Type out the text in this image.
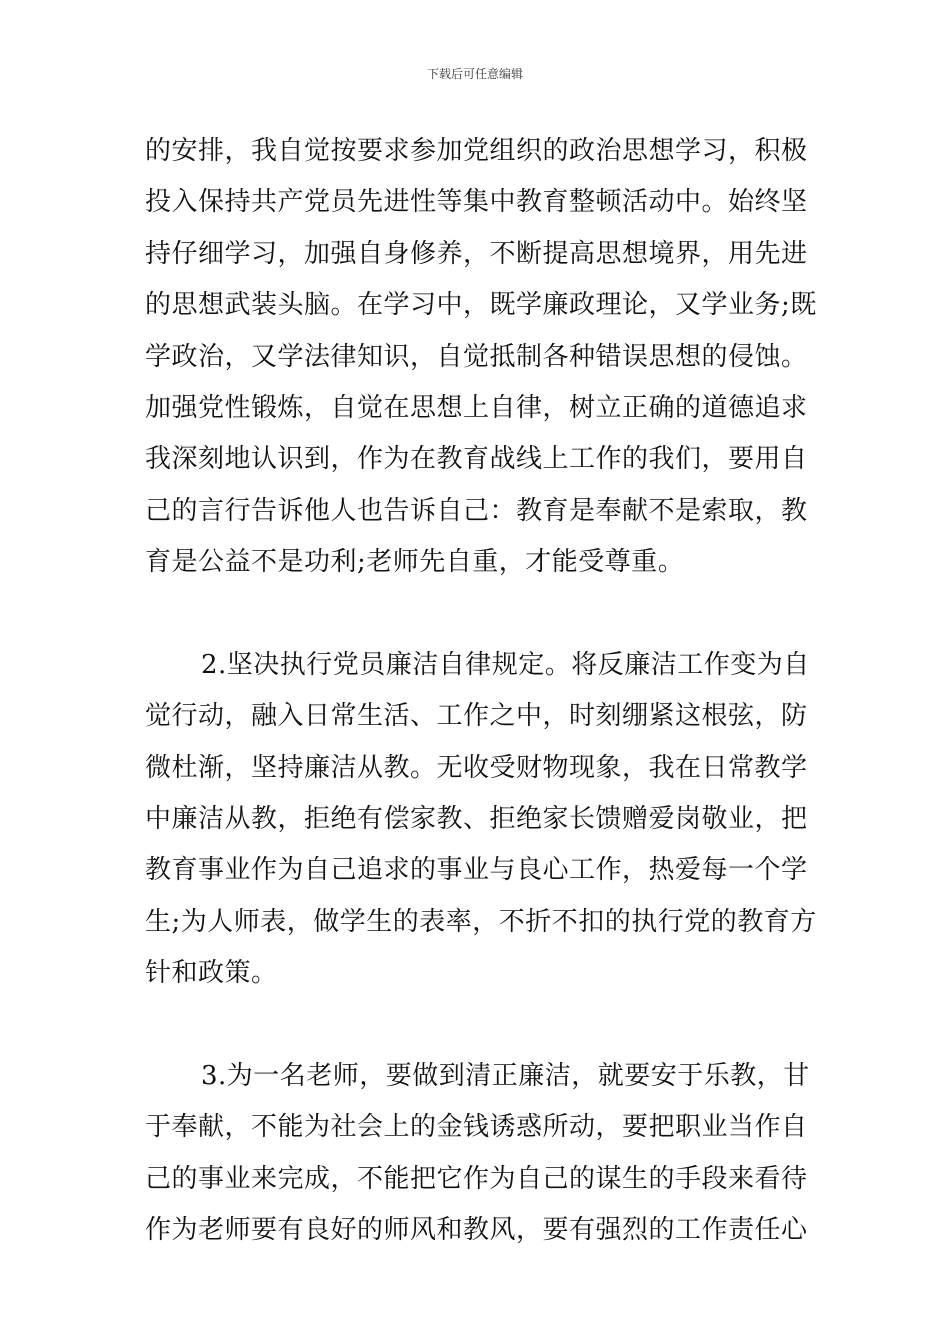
下载后可任意编辑
的安排，我自觉按要求参加党组织的政治思想学习，积极
投入保持共产党员先进性等集中教育整顿活动中。始终坚
持仔细学习，加强自身修养，不断提高思想境界，用先进
的思想武装头脑。在学习中，既学廉政理论，又学业务;既
学政治，又学法律知识，自觉抵制各种错误思想的侵蚀。
加强党性锻炼，自觉在思想上自律，树立正确的道德追求
我深刻地认识到，作为在教育战线上工作的我们，要用自
己的言行告诉他人也告诉自己：教育是奉献不是索取，教
育是公益不是功利;老师先自重，才能受尊重。
2.坚决执行党员廉洁自律规定。将反廉洁工作变为自
觉行动，融入日常生活、工作之中，时刻绷紧这根弦，防
微杜渐，坚持廉洁从教。无收受财物现象，我在日常教学
中廉洁从教，拒绝有偿家教、拒绝家长馈赠爱岗敬业，把
教育事业作为自己追求的事业与良心工作，热爱每一个学
生;为人师表，做学生的表率，不折不扣的执行党的教育方
针和政策。
3.为一名老师，要做到清正廉洁，就要安于乐教，甘
于奉献，不能为社会上的金钱诱惑所动，要把职业当作自
己的事业来完成，不能把它作为自己的谋生的手段来看待
作为老师要有良好的师风和教风，要有强烈的工作责任心
